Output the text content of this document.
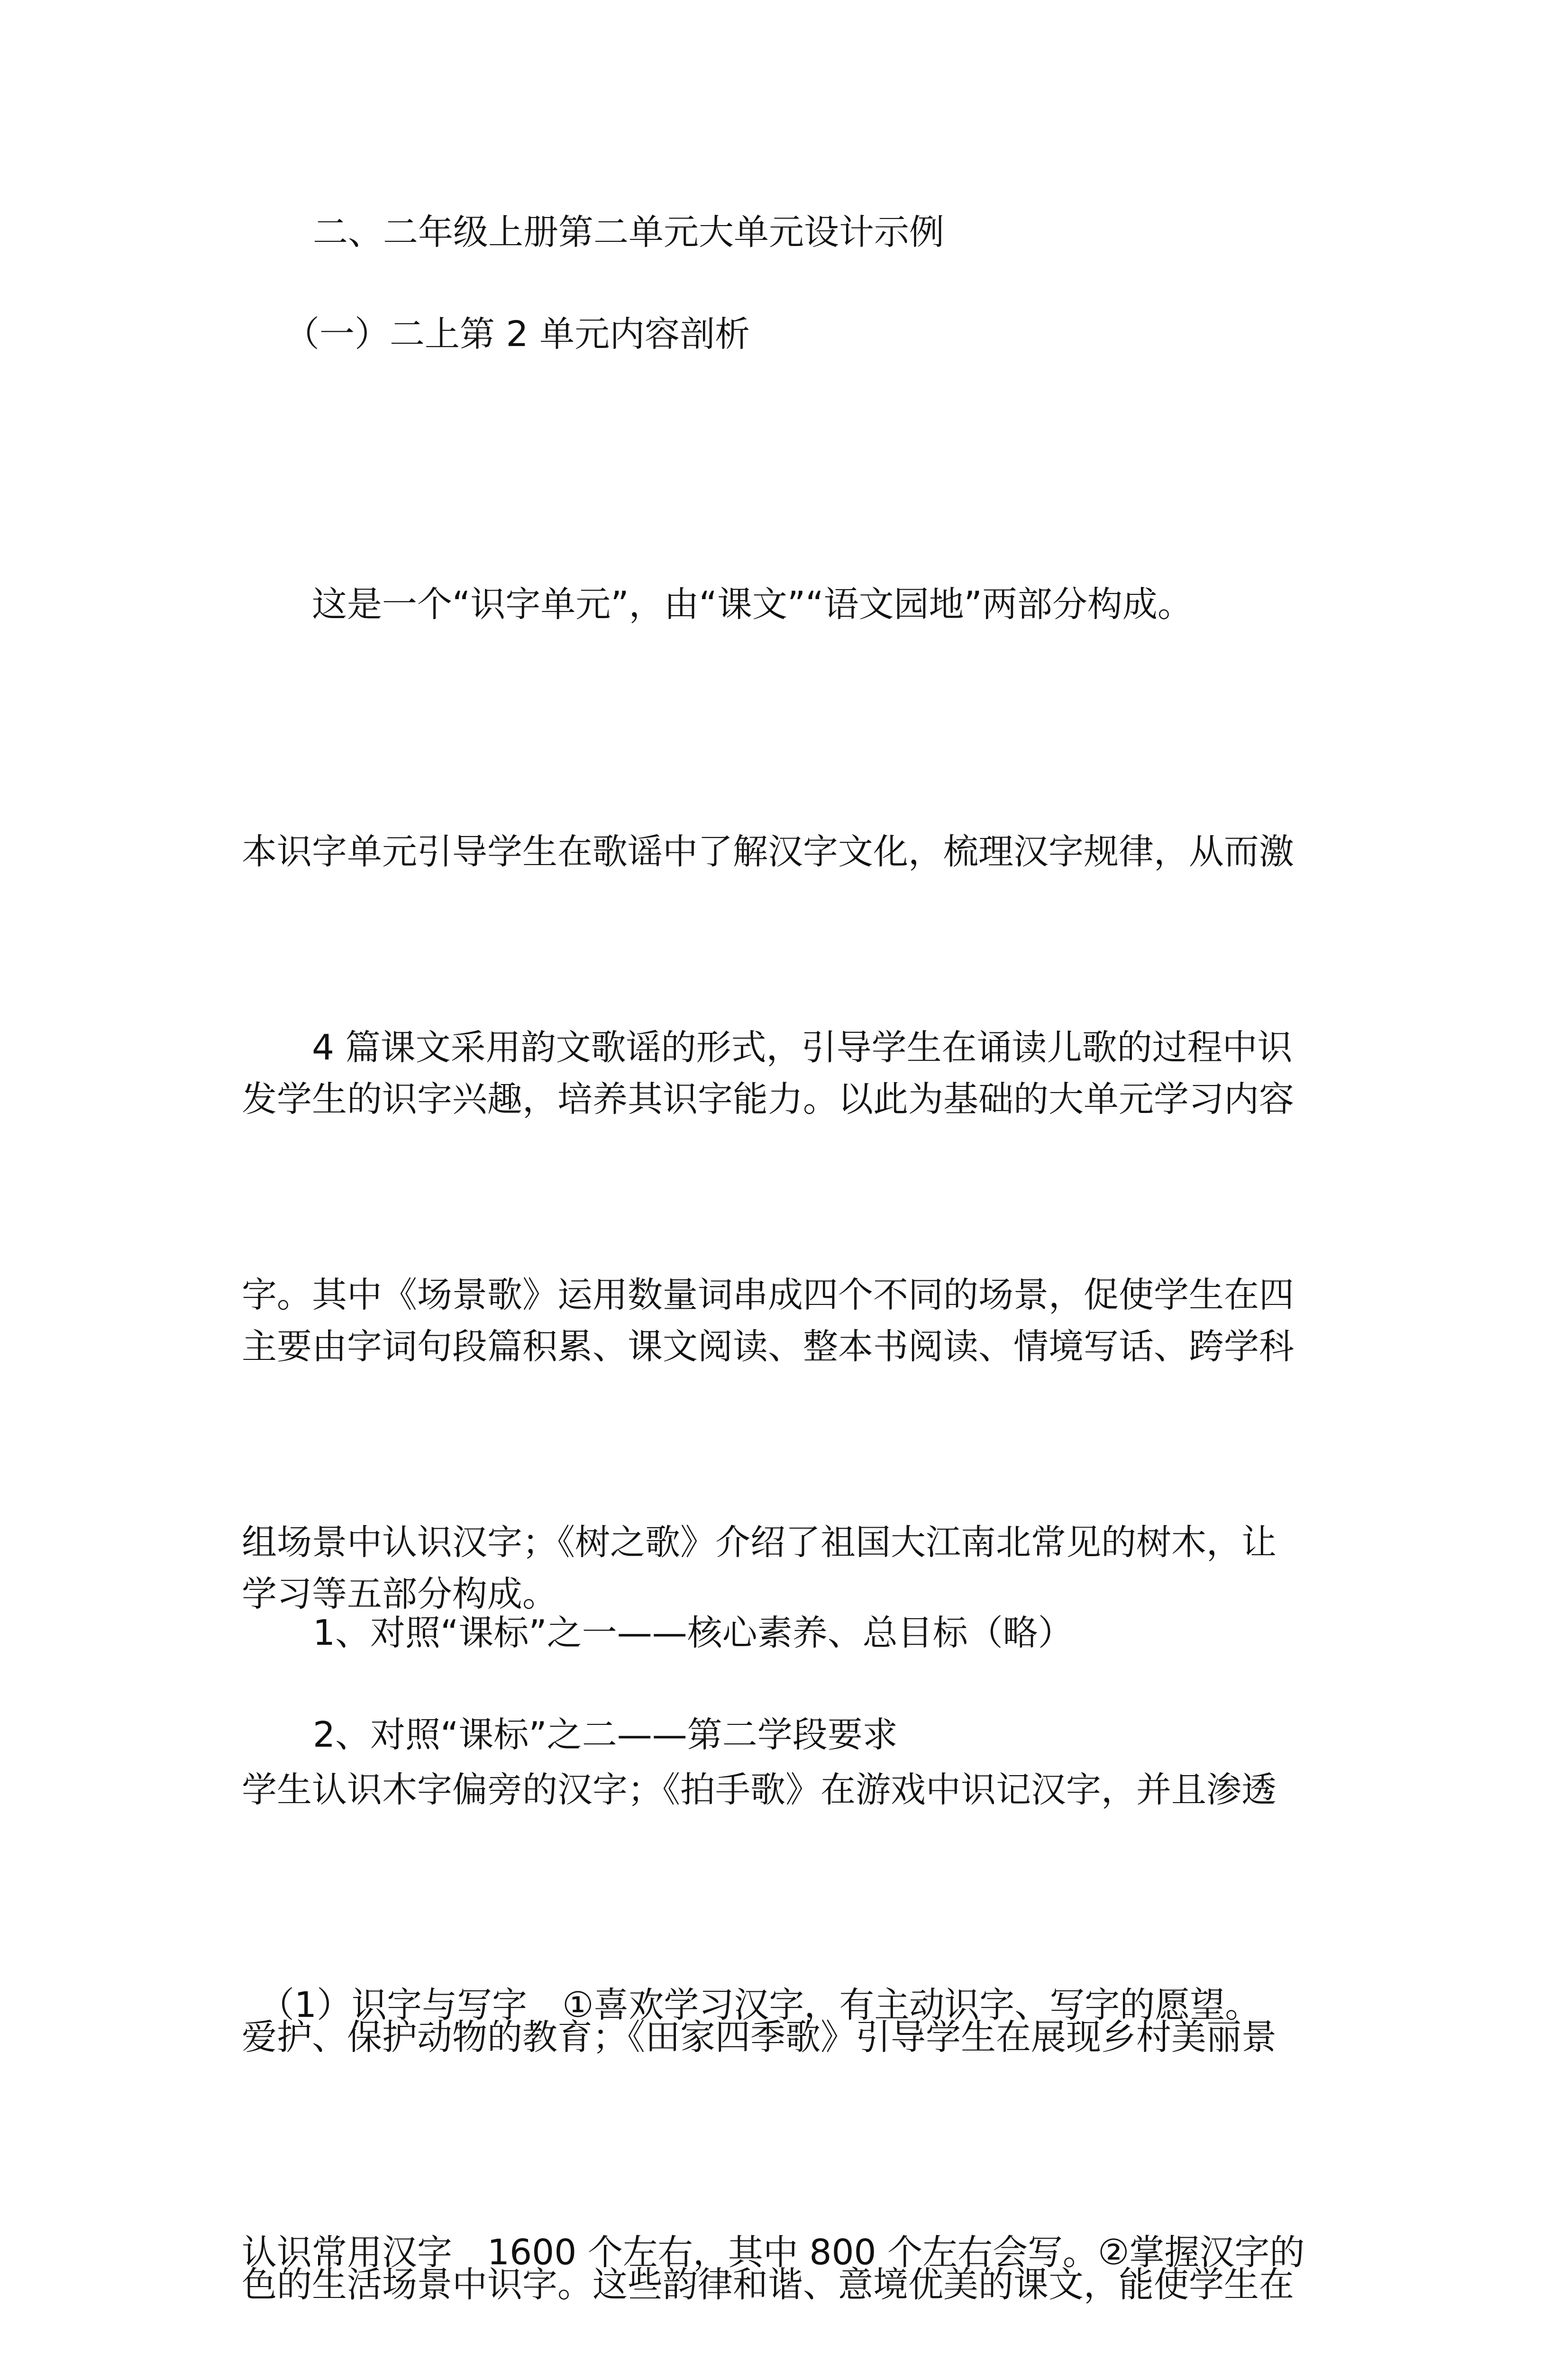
二、二年级上册第二单元大单元设计示例

（一）二上第 2 单元内容剖析

　　这是一个“识字单元”，由“课文”“语文园地”两部分构成。

本识字单元引导学生在歌谣中了解汉字文化，梳理汉字规律，从而激

发学生的识字兴趣，培养其识字能力。以此为基础的大单元学习内容

主要由字词句段篇积累、课文阅读、整本书阅读、情境写话、跨学科

学习等五部分构成。

　　4 篇课文采用韵文歌谣的形式，引导学生在诵读儿歌的过程中识

字。其中《场景歌》运用数量词串成四个不同的场景，促使学生在四

组场景中认识汉字；《树之歌》介绍了祖国大江南北常见的树木，让

学生认识木字偏旁的汉字；《拍手歌》在游戏中识记汉字，并且渗透

爱护、保护动物的教育；《田家四季歌》引导学生在展现乡村美丽景

色的生活场景中识字。这些韵律和谐、意境优美的课文，能使学生在

1、对照“课标”之一——核心素养、总目标（略）

2、对照“课标”之二——第二学段要求

　（1）识字与写字　①喜欢学习汉字，有主动识字、写字的愿望。

认识常用汉字　1600 个左右，其中 800 个左右会写。②掌握汉字的
